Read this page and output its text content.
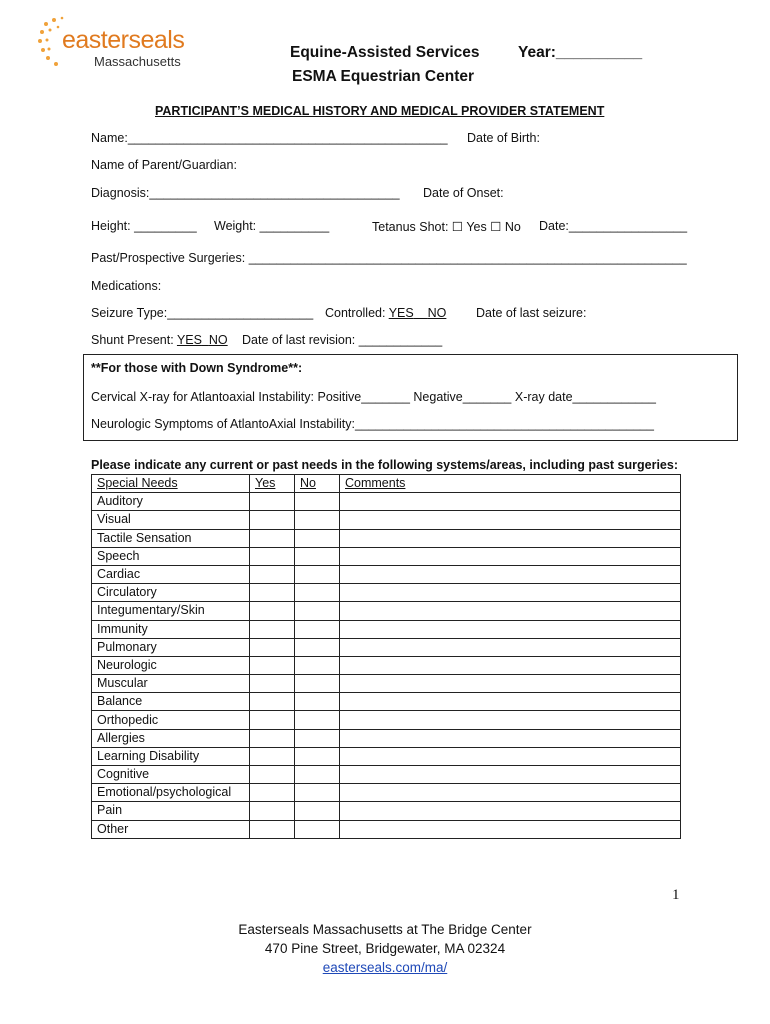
easterseals
Massachusetts
Equine-Assisted Services Year:__________
ESMA Equestrian Center
PARTICIPANT’S MEDICAL HISTORY AND MEDICAL PROVIDER STATEMENT
Name:______________________________________________ Date of Birth:
Name of Parent/Guardian:
Diagnosis:____________________________________ Date of Onset:
Height: _________ Weight: __________	Tetanus Shot: ☐ Yes ☐ No Date:_________________
Past/Prospective Surgeries: _______________________________________________________________
Medications:
Seizure Type:_____________________ Controlled: YES NO Date of last seizure:
Shunt Present: YES NO Date of last revision: ____________
**For those with Down Syndrome**:
Cervical X-ray for Atlantoaxial Instability: Positive_______ Negative_______ X-ray date____________
Neurologic Symptoms of AtlantoAxial Instability:___________________________________________
Please indicate any current or past needs in the following systems/areas, including past surgeries:
Special Needs	Yes	No	Comments
Auditory			
Visual			
Tactile Sensation			
Speech			
Cardiac			
Circulatory			
Integumentary/Skin			
Immunity			
Pulmonary			
Neurologic			
Muscular			
Balance			
Orthopedic			
Allergies			
Learning Disability			
Cognitive			
Emotional/psychological			
Pain			
Other			
1
Easterseals Massachusetts at The Bridge Center
470 Pine Street, Bridgewater, MA 02324
easterseals.com/ma/
